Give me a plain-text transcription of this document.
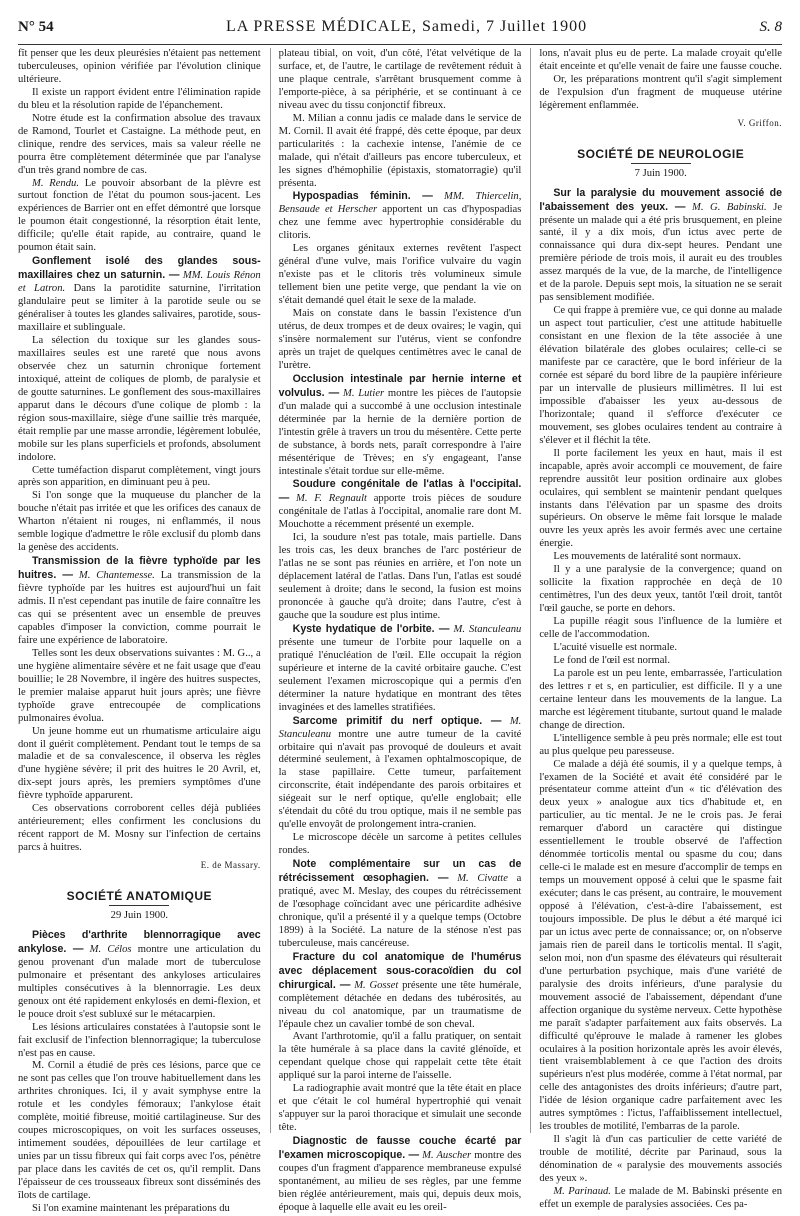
N° 54	LA PRESSE MÉDICALE, Samedi, 7 Juillet 1900	S. 8

fît penser que les deux pleurésies n'étaient pas nettement tuberculeuses, opinion vérifiée par l'évolution clinique ultérieure.

Il existe un rapport évident entre l'élimination rapide du bleu et la résolution rapide de l'épanchement.

Notre étude est la confirmation absolue des travaux de Ramond, Tourlet et Castaigne. La méthode peut, en clinique, rendre des services, mais sa valeur réelle ne pourra être complètement déterminée que par l'analyse d'un très grand nombre de cas.

M. Rendu. Le pouvoir absorbant de la plèvre est surtout fonction de l'état du poumon sous-jacent. Les expériences de Barrier ont en effet démontré que lorsque le poumon était congestionné, la résorption était lente, difficile; qu'elle était rapide, au contraire, quand le poumon était sain.

Gonflement isolé des glandes sous-maxillaires chez un saturnin. — MM. Louis Rénon et Latron. Dans la parotidite saturnine, l'irritation glandulaire peut se limiter à la parotide seule ou se généraliser à toutes les glandes salivaires, parotide, sous-maxillaire et sublinguale.

La sélection du toxique sur les glandes sous-maxillaires seules est une rareté que nous avons observée chez un saturnin chronique fortement intoxiqué, atteint de coliques de plomb, de paralysie et de goutte saturnines. Le gonflement des sous-maxillaires apparut dans le décours d'une colique de plomb : la région sous-maxillaire, siège d'une saillie très marquée, était remplie par une masse arrondie, légèrement lobulée, mobile sur les plans superficiels et profonds, absolument indolore.

Cette tuméfaction disparut complètement, vingt jours après son apparition, en diminuant peu à peu.

Si l'on songe que la muqueuse du plancher de la bouche n'était pas irritée et que les orifices des canaux de Wharton n'étaient ni rouges, ni enflammés, il nous semble logique d'admettre le rôle exclusif du plomb dans la genèse des accidents.

Transmission de la fièvre typhoïde par les huitres. — M. Chantemesse. La transmission de la fièvre typhoïde par les huitres est aujourd'hui un fait admis. Il n'est cependant pas inutile de faire connaître les cas qui se présentent avec un ensemble de preuves capables d'imposer la conviction, comme pourrait le faire une expérience de laboratoire.

Telles sont les deux observations suivantes : M. G.., a une hygiène alimentaire sévère et ne fait usage que d'eau bouillie; le 28 Novembre, il ingère des huitres suspectes, le premier malaise apparut huit jours après; une fièvre typhoïde grave entrecoupée de complications pulmonaires évolua.

Un jeune homme eut un rhumatisme articulaire aigu dont il guérit complètement. Pendant tout le temps de sa maladie et de sa convalescence, il observa les règles d'une hygiène sévère; il prit des huitres le 20 Avril, et, dix-sept jours après, les premiers symptômes d'une fièvre typhoïde apparurent.

Ces observations corroborent celles déjà publiées antérieurement; elles confirment les conclusions du récent rapport de M. Mosny sur l'infection de certains parcs à huitres.

E. de Massary.

SOCIÉTÉ ANATOMIQUE

29 Juin 1900.

Pièces d'arthrite blennorragique avec ankylose. — M. Célos montre une articulation du genou provenant d'un malade mort de tuberculose pulmonaire et présentant des ankyloses articulaires multiples consécutives à la blennorragie. Les deux genoux ont été rapidement enkylosés en demi-flexion, et le pouce droit s'est subluxé sur le métacarpien.

Les lésions articulaires constatées à l'autopsie sont le fait exclusif de l'infection blennorragique; la tuberculose n'est pas en cause.

M. Cornil a étudié de près ces lésions, parce que ce ne sont pas celles que l'on trouve habituellement dans les arthrites chroniques. Ici, il y avait symphyse entre la rotule et les condyles fémoraux; l'ankylose était complète, moitié fibreuse, moitié cartilagineuse. Sur des coupes microscopiques, on voit les surfaces osseuses, intimement soudées, dépouillées de leur cartilage et unies par un tissu fibreux qui fait corps avec l'os, pénètre par place dans les cavités de cet os, qu'il remplit. Dans l'épaisseur de ces trousseaux fibreux sont disséminés des îlots de cartilage.

Si l'on examine maintenant les préparations du

plateau tibial, on voit, d'un côté, l'état velvétique de la surface, et, de l'autre, le cartilage de revêtement réduit à une plaque centrale, s'arrêtant brusquement comme à l'emporte-pièce, à sa périphérie, et se continuant à ce niveau avec du tissu conjonctif fibreux.

M. Milian a connu jadis ce malade dans le service de M. Cornil. Il avait été frappé, dès cette époque, par deux particularités : la cachexie intense, l'anémie de ce malade, qui n'était d'ailleurs pas encore tuberculeux, et les signes d'hémophilie (épistaxis, stomatorragie) qu'il présenta.

Hypospadias féminin. — MM. Thiercelin, Bensaude et Herscher apportent un cas d'hypospadias chez une femme avec hypertrophie considérable du clitoris.

Les organes génitaux externes revêtent l'aspect général d'une vulve, mais l'orifice vulvaire du vagin n'existe pas et le clitoris très volumineux simule tellement bien une petite verge, que pendant la vie on s'était demandé quel était le sexe de la malade.

Mais on constate dans le bassin l'existence d'un utérus, de deux trompes et de deux ovaires; le vagin, qui s'insère normalement sur l'utérus, vient se confondre après un trajet de quelques centimètres avec le canal de l'urètre.

Occlusion intestinale par hernie interne et volvulus. — M. Lutier montre les pièces de l'autopsie d'un malade qui a succombé à une occlusion intestinale déterminée par la hernie de la dernière portion de l'intestin grêle à travers un trou du mésentère. Cette perte de substance, à bords nets, paraît correspondre à l'aire mésentérique de Trèves; en s'y engageant, l'anse intestinale s'était tordue sur elle-même.

Soudure congénitale de l'atlas à l'occipital. — M. F. Regnault apporte trois pièces de soudure congénitale de l'atlas à l'occipital, anomalie rare dont M. Mouchotte a récemment présenté un exemple.

Ici, la soudure n'est pas totale, mais partielle. Dans les trois cas, les deux branches de l'arc postérieur de l'atlas ne se sont pas réunies en arrière, et l'on note un déplacement latéral de l'atlas. Dans l'un, l'atlas est soudé seulement à droite; dans le second, la fusion est moins prononcée à gauche qu'à droite; dans l'autre, c'est à gauche que la soudure est plus intime.

Kyste hydatique de l'orbite. — M. Stanculeanu présente une tumeur de l'orbite pour laquelle on a pratiqué l'énucléation de l'œil. Elle occupait la région supérieure et interne de la cavité orbitaire gauche. C'est seulement l'examen microscopique qui a permis d'en déterminer la nature hydatique en montrant des têtes invaginées et des lamelles stratifiées.

Sarcome primitif du nerf optique. — M. Stanculeanu montre une autre tumeur de la cavité orbitaire qui n'avait pas provoqué de douleurs et avait déterminé seulement, à l'examen ophtalmoscopique, de la stase papillaire. Cette tumeur, parfaitement circonscrite, était indépendante des parois orbitaires et siégeait sur le nerf optique, qu'elle englobait; elle s'étendait du côté du trou optique, mais il ne semble pas qu'elle envoyât de prolongement intra-cranien.

Le microscope décèle un sarcome à petites cellules rondes.

Note complémentaire sur un cas de rétrécissement œsophagien. — M. Civatte a pratiqué, avec M. Meslay, des coupes du rétrécissement de l'œsophage coïncidant avec une péricardite adhésive chronique, qu'il a présenté il y a quelque temps (Octobre 1899) à la Société. La nature de la sténose n'est pas tuberculeuse, mais cancéreuse.

Fracture du col anatomique de l'humérus avec déplacement sous-coracoïdien du col chirurgical. — M. Gosset présente une tête humérale, complètement détachée en dedans des tubérosités, au niveau du col anatomique, par un traumatisme de l'épaule chez un cavalier tombé de son cheval.

Avant l'arthrotomie, qu'il a fallu pratiquer, on sentait la tête humérale à sa place dans la cavité glénoïde, et cependant quelque chose qui rappelait cette tête était appliqué sur la paroi interne de l'aisselle.

La radiographie avait montré que la tête était en place et que c'était le col huméral hypertrophié qui venait s'appuyer sur la paroi thoracique et simulait une seconde tête.

Diagnostic de fausse couche écarté par l'examen microscopique. — M. Auscher montre des coupes d'un fragment d'apparence membraneuse expulsé spontanément, au milieu de ses règles, par une femme bien réglée antérieurement, mais qui, depuis deux mois, époque à laquelle elle avait eu les oreil-

lons, n'avait plus eu de perte. La malade croyait qu'elle était enceinte et qu'elle venait de faire une fausse couche.

Or, les préparations montrent qu'il s'agit simplement de l'expulsion d'un fragment de muqueuse utérine légèrement enflammée.

V. Griffon.

SOCIÉTÉ DE NEUROLOGIE

7 Juin 1900.

Sur la paralysie du mouvement associé de l'abaissement des yeux. — M. G. Babinski. Je présente un malade qui a été pris brusquement, en pleine santé, il y a dix mois, d'un ictus avec perte de connaissance qui dura dix-sept heures. Pendant une première période de trois mois, il aurait eu des troubles assez marqués de la vue, de la marche, de l'intelligence et de la parole. Depuis sept mois, la situation ne se serait pas sensiblement modifiée.

Ce qui frappe à première vue, ce qui donne au malade un aspect tout particulier, c'est une attitude habituelle consistant en une flexion de la tête associée à une élévation bilatérale des globes oculaires; celle-ci se manifeste par ce caractère, que le bord inférieur de la cornée est séparé du bord libre de la paupière inférieure par un intervalle de plusieurs millimètres. Il lui est impossible d'abaisser les yeux au-dessous de l'horizontale; quand il s'efforce d'exécuter ce mouvement, ses globes oculaires tendent au contraire à s'élever et il fléchit la tête.

Il porte facilement les yeux en haut, mais il est incapable, après avoir accompli ce mouvement, de faire reprendre aussitôt leur position ordinaire aux globes oculaires, qui semblent se maintenir pendant quelques instants dans l'élévation par un spasme des droits supérieurs. On observe le même fait lorsque le malade ouvre les yeux après les avoir fermés avec une certaine énergie.

Les mouvements de latéralité sont normaux.

Il y a une paralysie de la convergence; quand on sollicite la fixation rapprochée en deçà de 10 centimètres, l'un des deux yeux, tantôt l'œil droit, tantôt l'œil gauche, se porte en dehors.

La pupille réagit sous l'influence de la lumière et celle de l'accommodation.

L'acuité visuelle est normale.

Le fond de l'œil est normal.

La parole est un peu lente, embarrassée, l'articulation des lettres r et s, en particulier, est difficile. Il y a une certaine lenteur dans les mouvements de la langue. La marche est légèrement titubante, surtout quand le malade change de direction.

L'intelligence semble à peu près normale; elle est tout au plus quelque peu paresseuse.

Ce malade a déjà été soumis, il y a quelque temps, à l'examen de la Société et avait été considéré par le présentateur comme atteint d'un « tic d'élévation des deux yeux » analogue aux tics d'habitude et, en particulier, au tic mental. Je ne le crois pas. Je ferai remarquer d'abord un caractère qui distingue essentiellement le trouble observé de l'affection dénommée torticolis mental ou spasme du cou; dans celle-ci le malade est en mesure d'accomplir de temps en temps un mouvement opposé à celui que le spasme fait exécuter; dans le cas présent, au contraire, le mouvement opposé à l'élévation, c'est-à-dire l'abaissement, est toujours impossible. De plus le début a été marqué ici par un ictus avec perte de connaissance; or, on n'observe jamais rien de pareil dans le torticolis mental. Il s'agit, selon moi, non d'un spasme des élévateurs qui résulterait d'une perturbation psychique, mais d'une variété de paralysie des droits inférieurs, d'une paralysie du mouvement associé de l'abaissement, dépendant d'une affection organique du système nerveux. Cette hypothèse me paraît s'adapter parfaitement aux faits observés. La difficulté qu'éprouve le malade à ramener les globes oculaires à la position horizontale après les avoir élevés, tient vraisemblablement à ce que l'action des droits supérieurs n'est plus modérée, comme à l'état normal, par celle des antagonistes des droits inférieurs; d'autre part, l'idée de lésion organique cadre parfaitement avec les autres symptômes : l'ictus, l'affaiblissement intellectuel, les troubles de motilité, l'embarras de la parole.

Il s'agit là d'un cas particulier de cette variété de trouble de motilité, décrite par Parinaud, sous la dénomination de « paralysie des mouvements associés des yeux ».

M. Parinaud. Le malade de M. Babinski présente en effet un exemple de paralysies associées. Ces pa-
